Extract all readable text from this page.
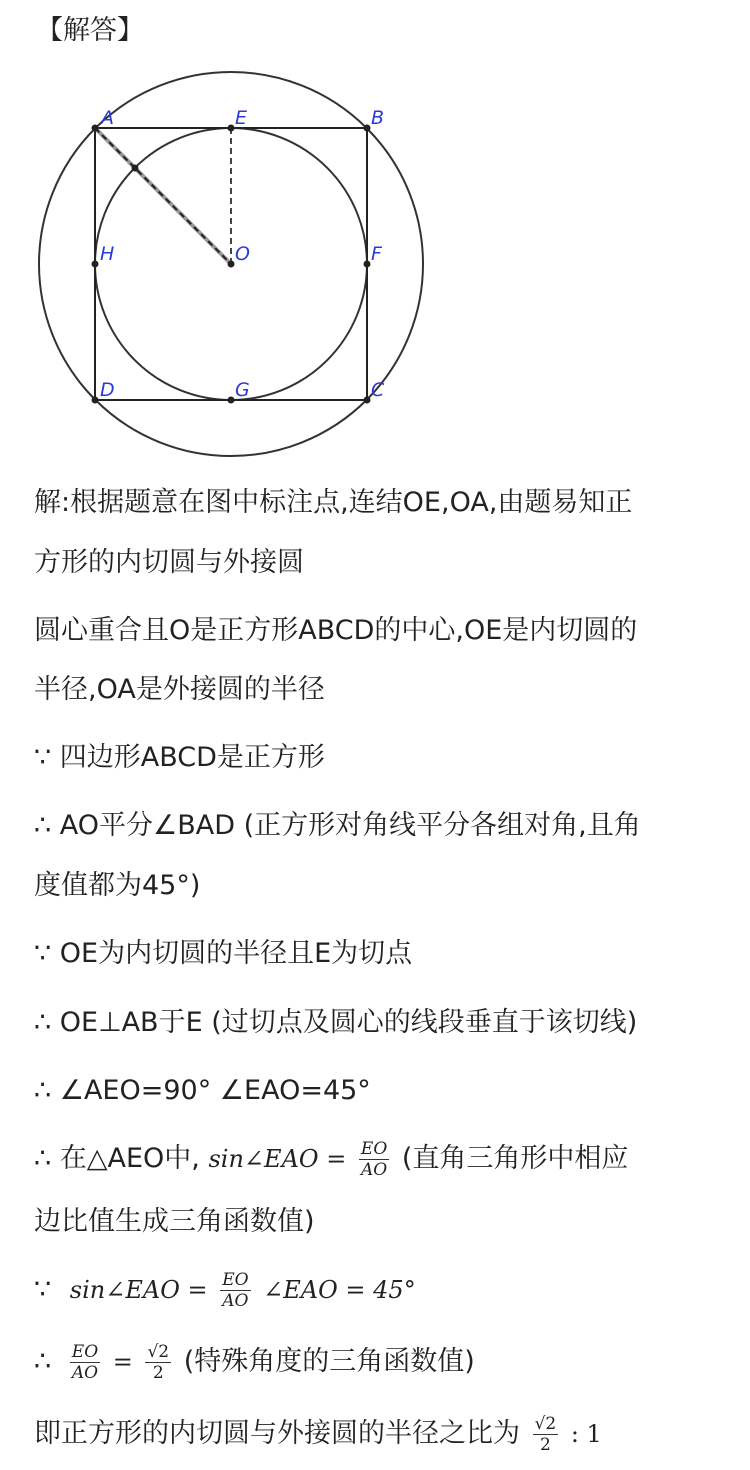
【解答】
A	E	B
H	O	F
D	G	C
解:根据题意在图中标注点,连结OE,OA,由题易知正
方形的内切圆与外接圆
圆心重合且O是正方形ABCD的中心,OE是内切圆的
半径,OA是外接圆的半径
∵ 四边形ABCD是正方形
∴ AO平分∠BAD (正方形对角线平分各组对角,且角
度值都为45°)
∵ OE为内切圆的半径且E为切点
∴ OE⊥AB于E (过切点及圆心的线段垂直于该切线)
∴ ∠AEO=90° ∠EAO=45°
∴ 在△AEO中, sin∠EAO = $\frac{EO}{AO}$ (直角三角形中相应
边比值生成三角函数值)
∵ sin∠EAO = $\frac{EO}{AO}$ ∠EAO = 45°
∴ $\frac{EO}{AO} = \frac{√2}{2}$ (特殊角度的三角函数值)
即正方形的内切圆与外接圆的半径之比为 $\frac{√2}{2}$ : 1
